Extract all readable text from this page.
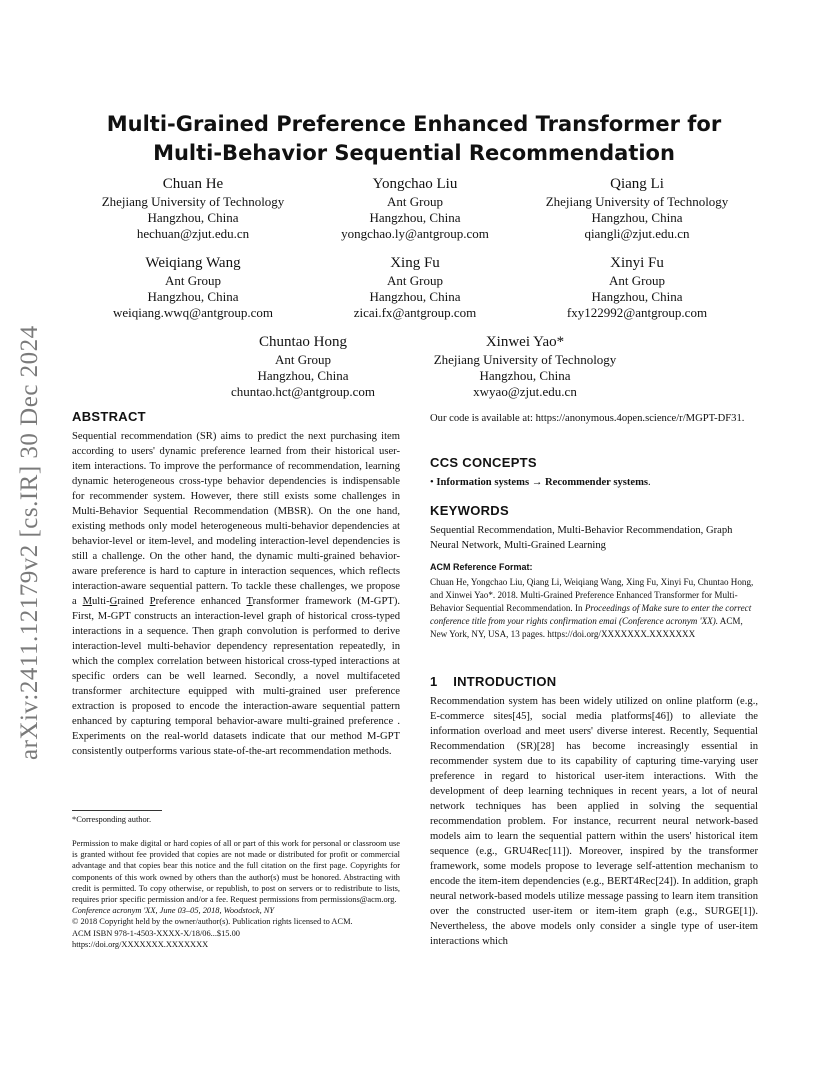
arXiv:2411.12179v2 [cs.IR] 30 Dec 2024
Multi-Grained Preference Enhanced Transformer for
Multi-Behavior Sequential Recommendation
Chuan He
Zhejiang University of Technology
Hangzhou, China
hechuan@zjut.edu.cn
Yongchao Liu
Ant Group
Hangzhou, China
yongchao.ly@antgroup.com
Qiang Li
Zhejiang University of Technology
Hangzhou, China
qiangli@zjut.edu.cn
Weiqiang Wang
Ant Group
Hangzhou, China
weiqiang.wwq@antgroup.com
Xing Fu
Ant Group
Hangzhou, China
zicai.fx@antgroup.com
Xinyi Fu
Ant Group
Hangzhou, China
fxy122992@antgroup.com
Chuntao Hong
Ant Group
Hangzhou, China
chuntao.hct@antgroup.com
Xinwei Yao*
Zhejiang University of Technology
Hangzhou, China
xwyao@zjut.edu.cn
ABSTRACT

Sequential recommendation (SR) aims to predict the next purchasing item according to users' dynamic preference learned from their historical user-item interactions. To improve the performance of recommendation, learning dynamic heterogeneous cross-type behavior dependencies is indispensable for recommender system. However, there still exists some challenges in Multi-Behavior Sequential Recommendation (MBSR). On the one hand, existing methods only model heterogeneous multi-behavior dependencies at behavior-level or item-level, and modeling interaction-level dependencies is still a challenge. On the other hand, the dynamic multi-grained behavior-aware preference is hard to capture in interaction sequences, which reflects interaction-aware sequential pattern. To tackle these challenges, we propose a Multi-Grained Preference enhanced Transformer framework (M-GPT). First, M-GPT constructs an interaction-level graph of historical cross-typed interactions in a sequence. Then graph convolution is performed to derive interaction-level multi-behavior dependency representation repeatedly, in which the complex correlation between historical cross-typed interactions at specific orders can be well learned. Secondly, a novel multifaceted transformer architecture equipped with multi-grained user preference extraction is proposed to encode the interaction-aware sequential pattern enhanced by capturing temporal behavior-aware multi-grained preference . Experiments on the real-world datasets indicate that our method M-GPT consistently outperforms various state-of-the-art recommendation methods.

*Corresponding author.

Permission to make digital or hard copies of all or part of this work for personal or classroom use is granted without fee provided that copies are not made or distributed for profit or commercial advantage and that copies bear this notice and the full citation on the first page. Copyrights for components of this work owned by others than the author(s) must be honored. Abstracting with credit is permitted. To copy otherwise, or republish, to post on servers or to redistribute to lists, requires prior specific permission and/or a fee. Request permissions from permissions@acm.org.

Conference acronym 'XX, June 03–05, 2018, Woodstock, NY

© 2018 Copyright held by the owner/author(s). Publication rights licensed to ACM.

ACM ISBN 978-1-4503-XXXX-X/18/06...$15.00

https://doi.org/XXXXXXX.XXXXXXX

Our code is available at: https://anonymous.4open.science/r/MGPT-DF31.
CCS CONCEPTS

• Information systems → Recommender systems.

KEYWORDS

Sequential Recommendation, Multi-Behavior Recommendation, Graph Neural Network, Multi-Grained Learning

ACM Reference Format:

Chuan He, Yongchao Liu, Qiang Li, Weiqiang Wang, Xing Fu, Xinyi Fu, Chuntao Hong, and Xinwei Yao*. 2018. Multi-Grained Preference Enhanced Transformer for Multi-Behavior Sequential Recommendation. In Proceedings of Make sure to enter the correct conference title from your rights confirmation emai (Conference acronym 'XX). ACM, New York, NY, USA, 13 pages. https://doi.org/XXXXXXX.XXXXXXX

1 INTRODUCTION

Recommendation system has been widely utilized on online platform (e.g., E-commerce sites[45], social media platforms[46]) to alleviate the information overload and meet users' diverse interest. Recently, Sequential Recommendation (SR)[28] has become increasingly essential in recommender system due to its capability of capturing time-varying user preference in regard to historical user-item interactions. With the development of deep learning techniques in recent years, a lot of neural network techniques has been applied in solving the sequential recommendation problem. For instance, recurrent neural network-based models aim to learn the sequential pattern within the users' historical item sequence (e.g., GRU4Rec[11]). Moreover, inspired by the transformer framework, some models propose to leverage self-attention mechanism to encode the item-item dependencies (e.g., BERT4Rec[24]). In addition, graph neural network-based models utilize message passing to learn item transition over the constructed user-item or item-item graph (e.g., SURGE[1]). Nevertheless, the above models only consider a single type of user-item interactions which
